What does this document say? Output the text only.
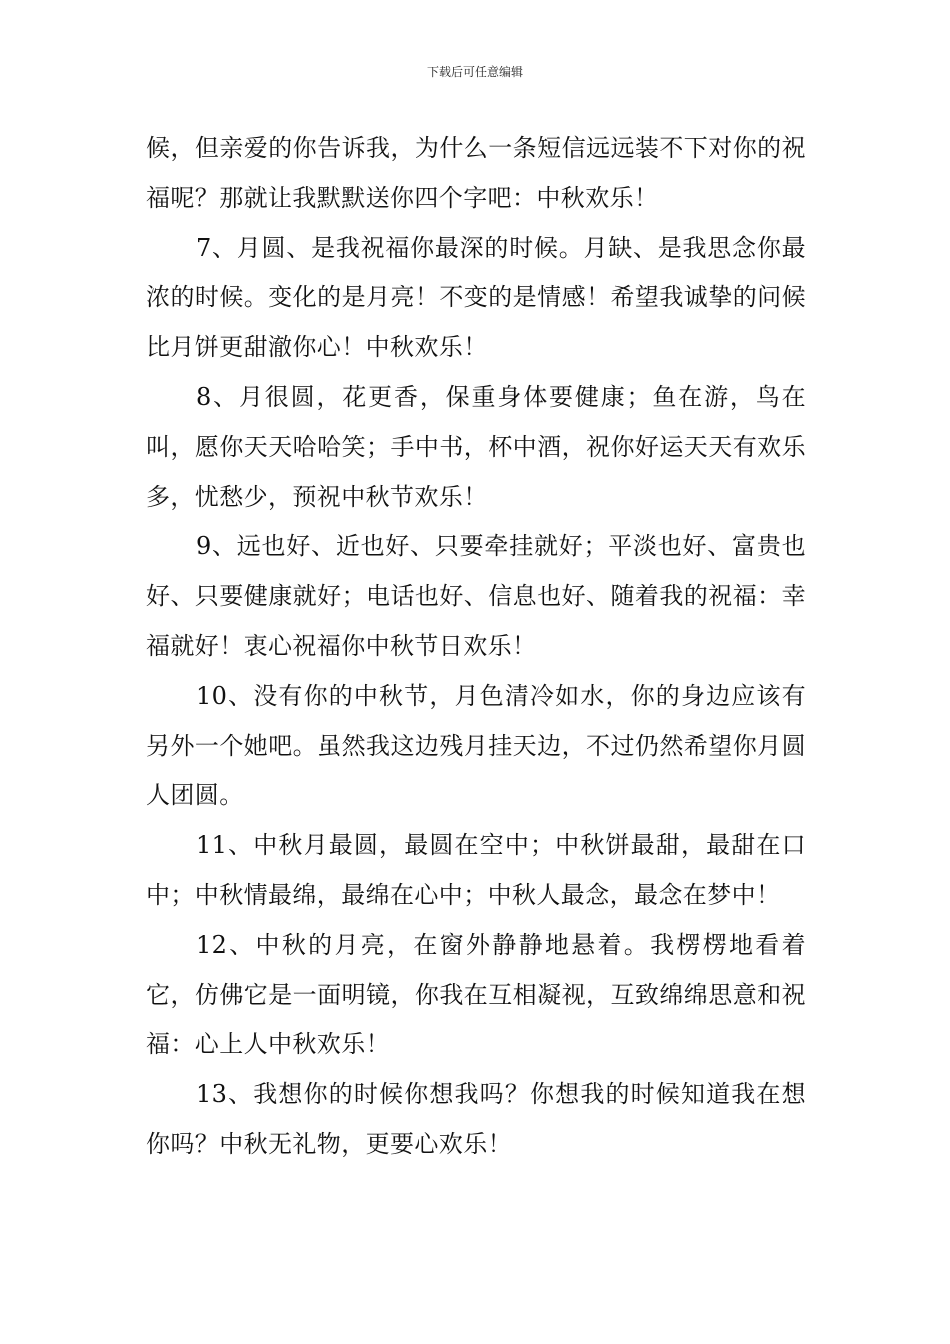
下载后可任意编辑

候，但亲爱的你告诉我，为什么一条短信远远装不下对你的祝福呢？那就让我默默送你四个字吧：中秋欢乐！

7、月圆、是我祝福你最深的时候。月缺、是我思念你最浓的时候。变化的是月亮！不变的是情感！希望我诚挚的问候比月饼更甜澈你心！中秋欢乐！

8、月很圆，花更香，保重身体要健康；鱼在游，鸟在叫，愿你天天哈哈笑；手中书，杯中酒，祝你好运天天有欢乐多，忧愁少，预祝中秋节欢乐！

9、远也好、近也好、只要牵挂就好；平淡也好、富贵也好、只要健康就好；电话也好、信息也好、随着我的祝福：幸福就好！衷心祝福你中秋节日欢乐！

10、没有你的中秋节，月色清冷如水，你的身边应该有另外一个她吧。虽然我这边残月挂天边，不过仍然希望你月圆人团圆。

11、中秋月最圆，最圆在空中；中秋饼最甜，最甜在口中；中秋情最绵，最绵在心中；中秋人最念，最念在梦中！

12、中秋的月亮，在窗外静静地悬着。我楞楞地看着它，仿佛它是一面明镜，你我在互相凝视，互致绵绵思意和祝福：心上人中秋欢乐！

13、我想你的时候你想我吗？你想我的时候知道我在想你吗？中秋无礼物，更要心欢乐！
